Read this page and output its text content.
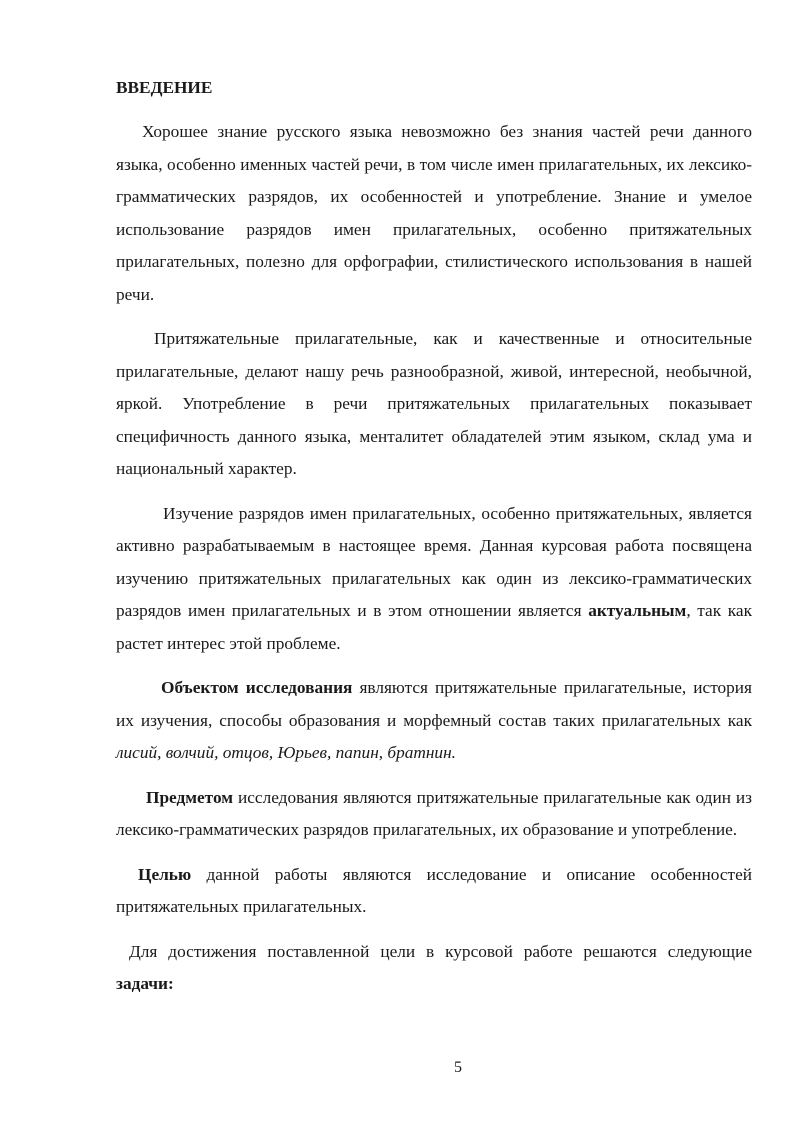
ВВЕДЕНИЕ

Хорошее знание русского языка невозможно без знания частей речи данного языка, особенно именных частей речи, в том числе имен прилагательных, их лексико-грамматических разрядов, их особенностей и употребление. Знание и умелое использование разрядов имен прилагательных, особенно притяжательных прилагательных, полезно для орфографии, стилистического использования в нашей речи.

Притяжательные прилагательные, как и качественные и относительные прилагательные, делают нашу речь разнообразной, живой, интересной, необычной, яркой. Употребление в речи притяжательных прилагательных показывает специфичность данного языка, менталитет обладателей этим языком, склад ума и национальный характер.

Изучение разрядов имен прилагательных, особенно притяжательных, является активно разрабатываемым в настоящее время. Данная курсовая работа посвящена изучению притяжательных прилагательных как один из лексико-грамматических разрядов имен прилагательных и в этом отношении является актуальным, так как растет интерес этой проблеме.

Объектом исследования являются притяжательные прилагательные, история их изучения, способы образования и морфемный состав таких прилагательных как лисий, волчий, отцов, Юрьев, папин, братнин.

Предметом исследования являются притяжательные прилагательные как один из лексико-грамматических разрядов прилагательных, их образование и употребление.

Целью данной работы являются исследование и описание особенностей притяжательных прилагательных.

Для достижения поставленной цели в курсовой работе решаются следующие задачи:

5
